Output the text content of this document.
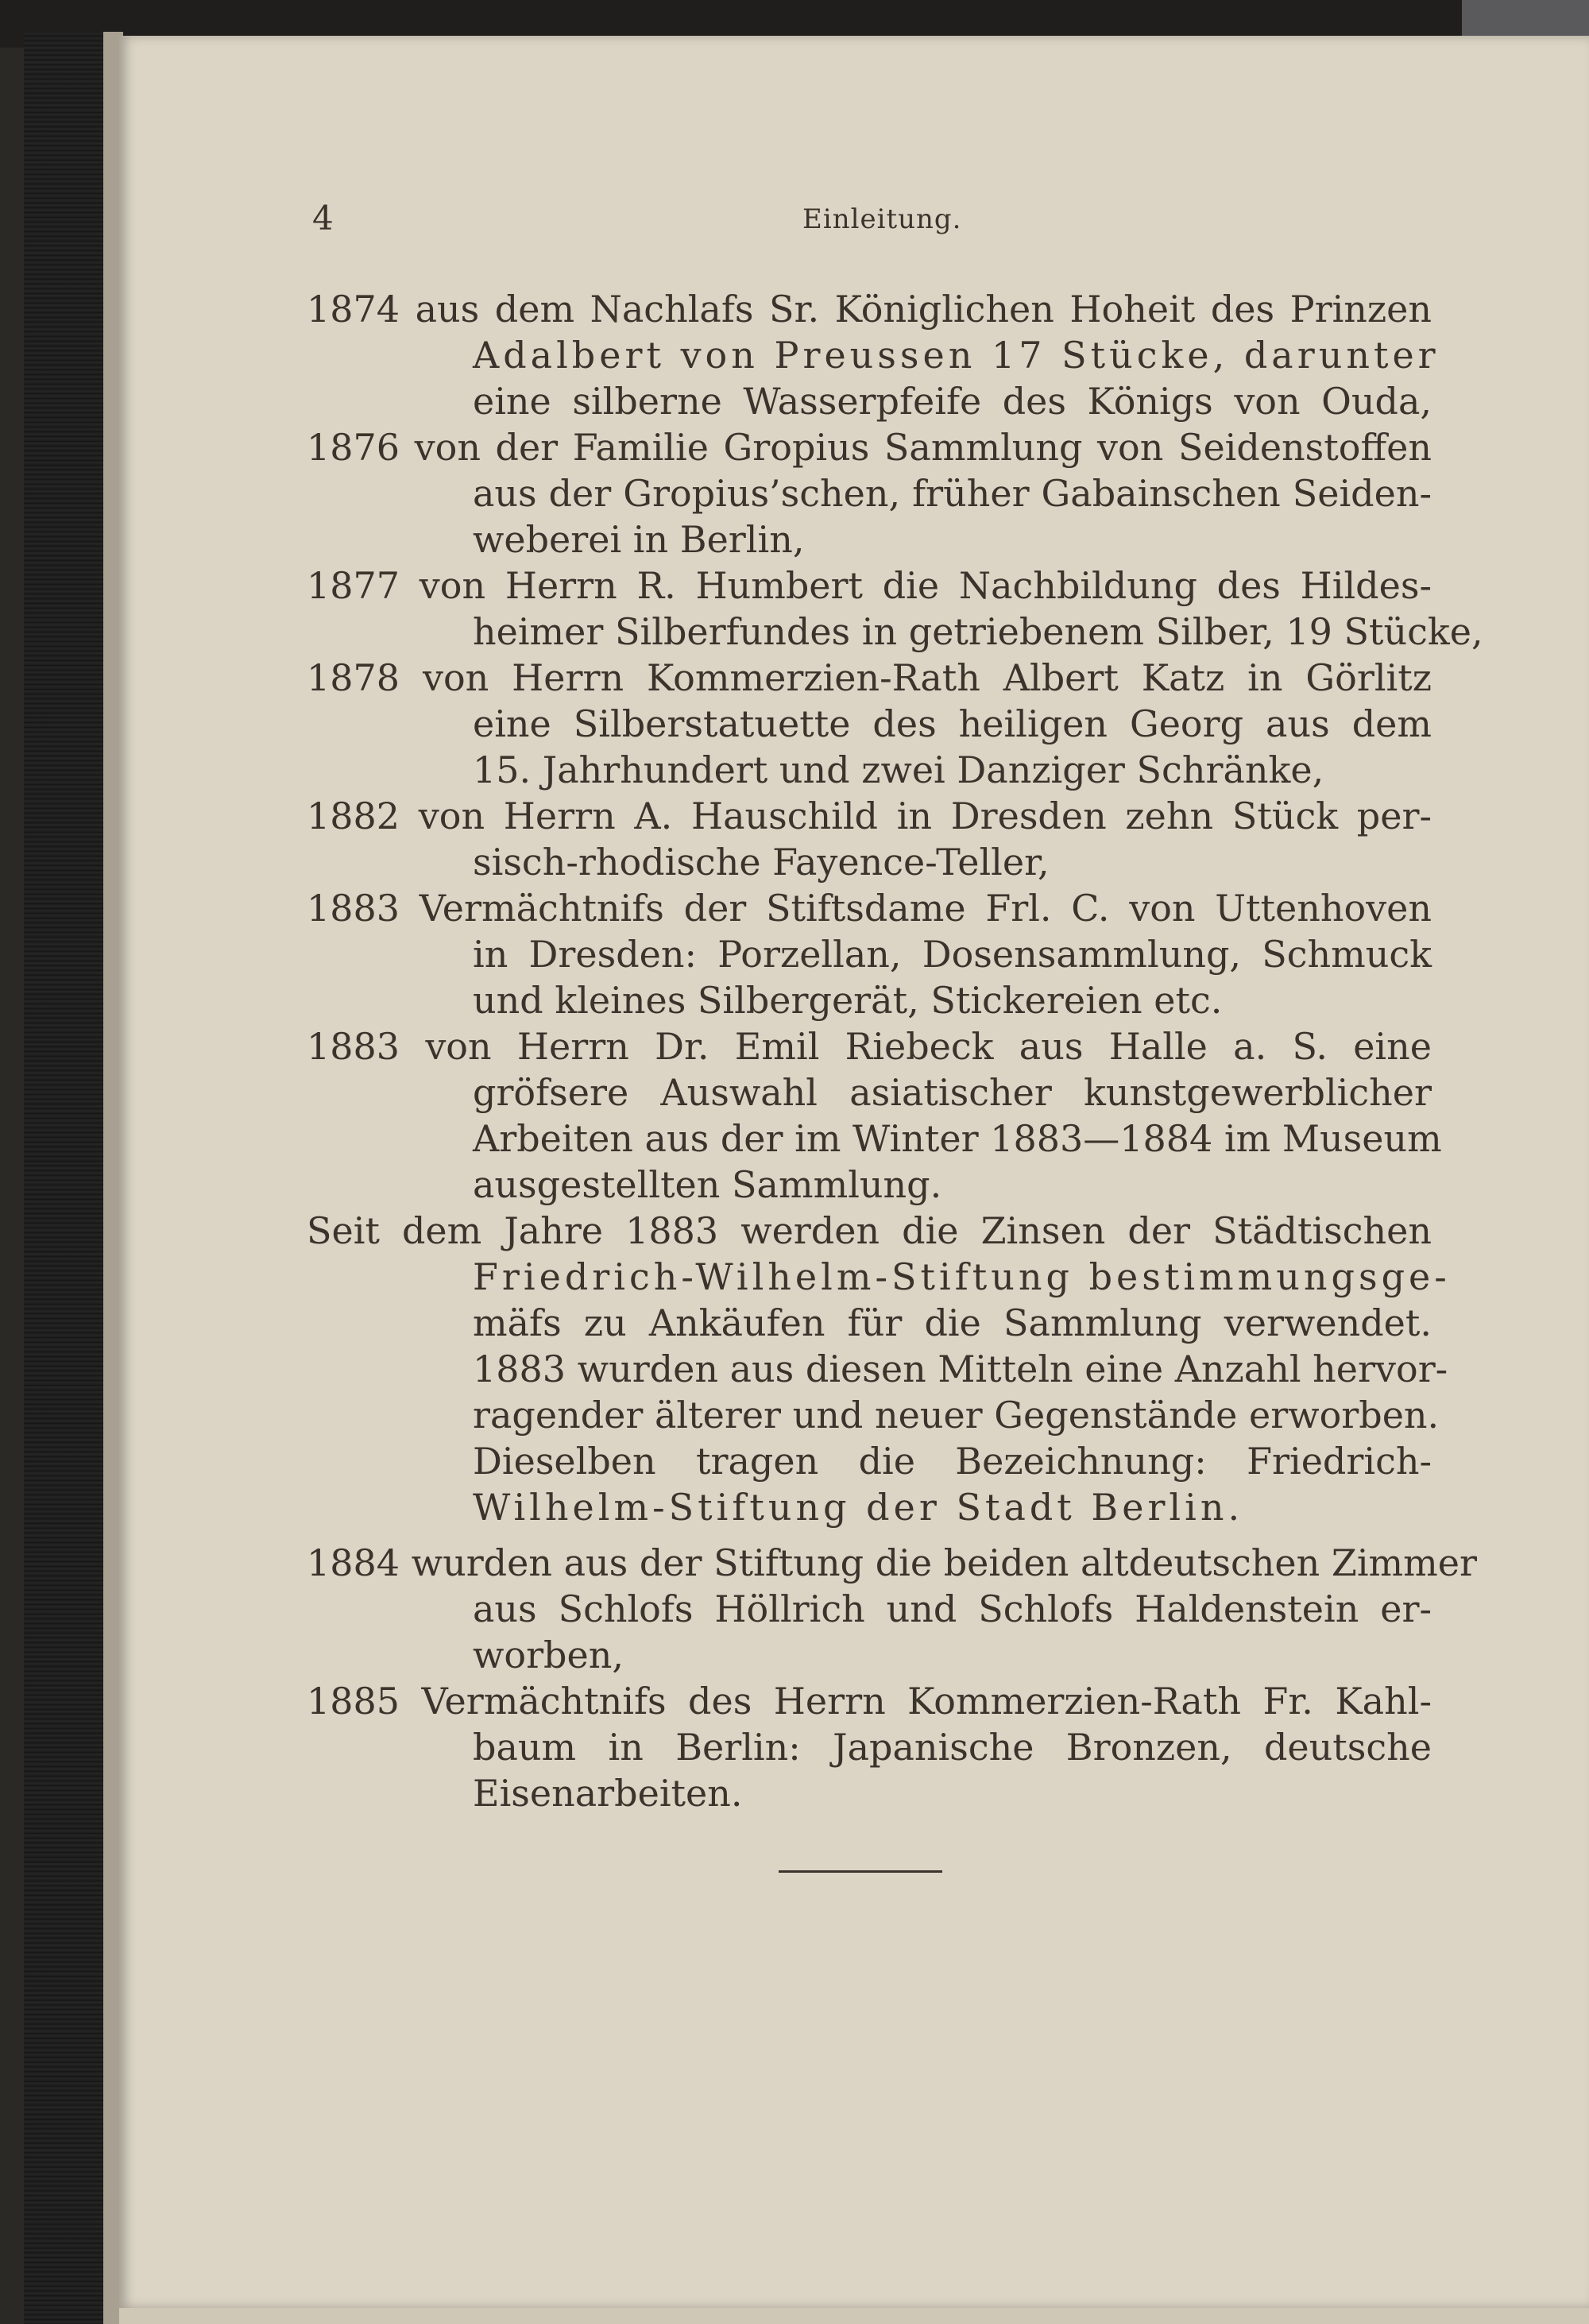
4	Einleitung.
1874 aus dem Nachlafs Sr. Königlichen Hoheit des Prinzen
Adalbert von Preussen 17 Stücke, darunter
eine silberne Wasserpfeife des Königs von Ouda,
1876 von der Familie Gropius Sammlung von Seidenstoffen
aus der Gropius’schen, früher Gabainschen Seiden-
weberei in Berlin,
1877 von Herrn R. Humbert die Nachbildung des Hildes-
heimer Silberfundes in getriebenem Silber, 19 Stücke,
1878 von Herrn Kommerzien-Rath Albert Katz in Görlitz
eine Silberstatuette des heiligen Georg aus dem
15. Jahrhundert und zwei Danziger Schränke,
1882 von Herrn A. Hauschild in Dresden zehn Stück per-
sisch-rhodische Fayence-Teller,
1883 Vermächtnifs der Stiftsdame Frl. C. von Uttenhoven
in Dresden: Porzellan, Dosensammlung, Schmuck
und kleines Silbergerät, Stickereien etc.
1883 von Herrn Dr. Emil Riebeck aus Halle a. S. eine
gröfsere Auswahl asiatischer kunstgewerblicher
Arbeiten aus der im Winter 1883—1884 im Museum
ausgestellten Sammlung.
Seit dem Jahre 1883 werden die Zinsen der Städtischen
Friedrich-Wilhelm-Stiftung bestimmungsge-
mäfs zu Ankäufen für die Sammlung verwendet.
1883 wurden aus diesen Mitteln eine Anzahl hervor-
ragender älterer und neuer Gegenstände erworben.
Dieselben tragen die Bezeichnung: Friedrich-
Wilhelm-Stiftung der Stadt Berlin.
1884 wurden aus der Stiftung die beiden altdeutschen Zimmer
aus Schlofs Höllrich und Schlofs Haldenstein er-
worben,
1885 Vermächtnifs des Herrn Kommerzien-Rath Fr. Kahl-
baum in Berlin: Japanische Bronzen, deutsche
Eisenarbeiten.
